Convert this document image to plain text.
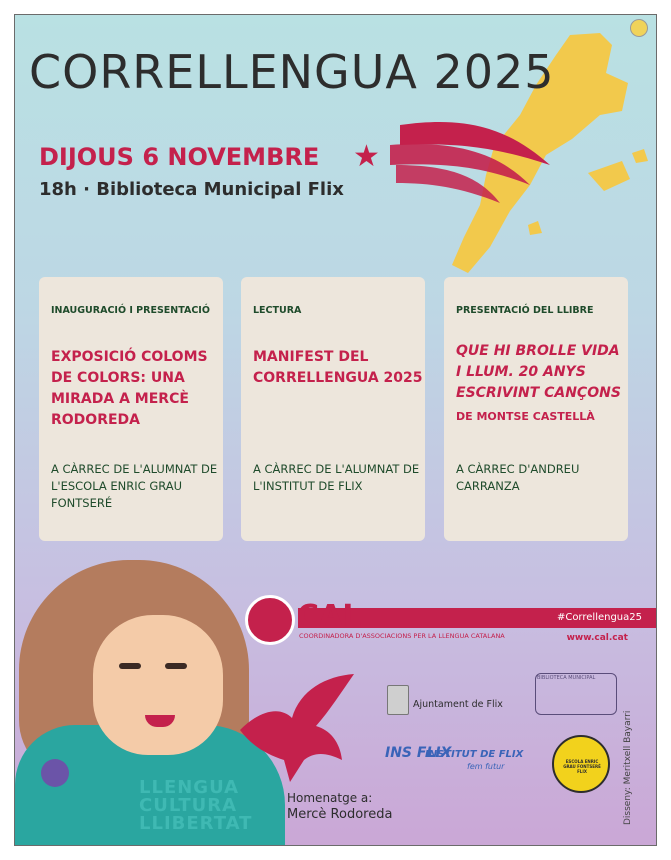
CORRELLENGUA 2025
DIJOUS 6 NOVEMBRE ★
18h · Biblioteca Municipal Flix
INAUGURACIÓ I PRESENTACIÓ
EXPOSICIÓ COLOMS DE COLORS: UNA MIRADA A MERCÈ RODOREDA
A CÀRREC DE L'ALUMNAT DE L'ESCOLA ENRIC GRAU FONTSERÉ
LECTURA
MANIFEST DEL CORRELLENGUA 2025
A CÀRREC DE L'ALUMNAT DE L'INSTITUT DE FLIX
PRESENTACIÓ DEL LLIBRE
QUE HI BROLLE VIDA I LLUM. 20 ANYS ESCRIVINT CANÇONS
DE MONTSE CASTELLÀ
A CÀRREC D'ANDREU CARRANZA
LLENGUA
CULTURA
LLIBERTAT
#Correllengua25
CAL
COORDINADORA D'ASSOCIACIONS PER LA LLENGUA CATALANA	www.cal.cat
Homenatge a:
Mercè Rodoreda
Ajuntament de Flix
INS FLIX
INSTITUT DE FLIX
fem futur
BIBLIOTECA MUNICIPAL
ESCOLA ENRIC GRAU FONTSERÉ FLIX	Disseny: Meritxell Bayarri
